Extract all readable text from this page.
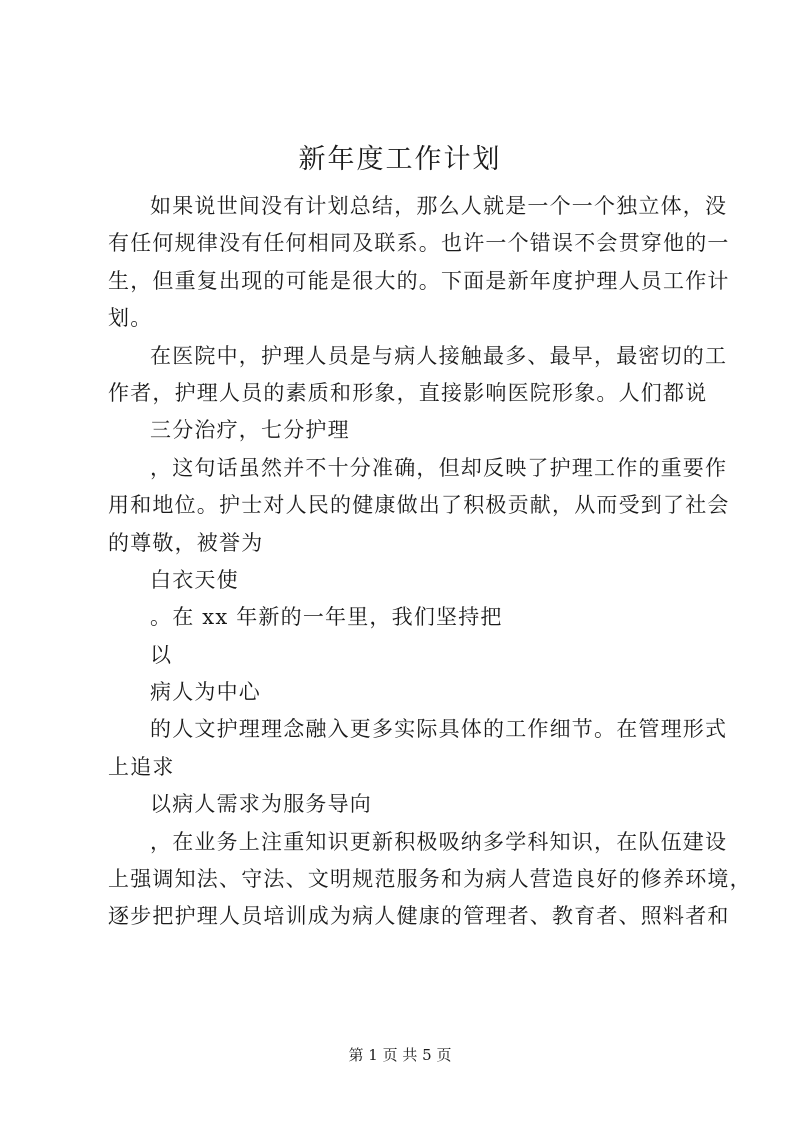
新年度工作计划
如果说世间没有计划总结，那么人就是一个一个独立体，没
有任何规律没有任何相同及联系。也许一个错误不会贯穿他的一
生，但重复出现的可能是很大的。下面是新年度护理人员工作计
划。
在医院中，护理人员是与病人接触最多、最早，最密切的工
作者，护理人员的素质和形象，直接影响医院形象。人们都说
三分治疗，七分护理
，这句话虽然并不十分准确，但却反映了护理工作的重要作
用和地位。护士对人民的健康做出了积极贡献，从而受到了社会
的尊敬，被誉为
白衣天使
。在 xx 年新的一年里，我们坚持把
以
病人为中心
的人文护理理念融入更多实际具体的工作细节。在管理形式
上追求
以病人需求为服务导向
，在业务上注重知识更新积极吸纳多学科知识，在队伍建设
上强调知法、守法、文明规范服务和为病人营造良好的修养环境，
逐步把护理人员培训成为病人健康的管理者、教育者、照料者和
第 1 页 共 5 页
